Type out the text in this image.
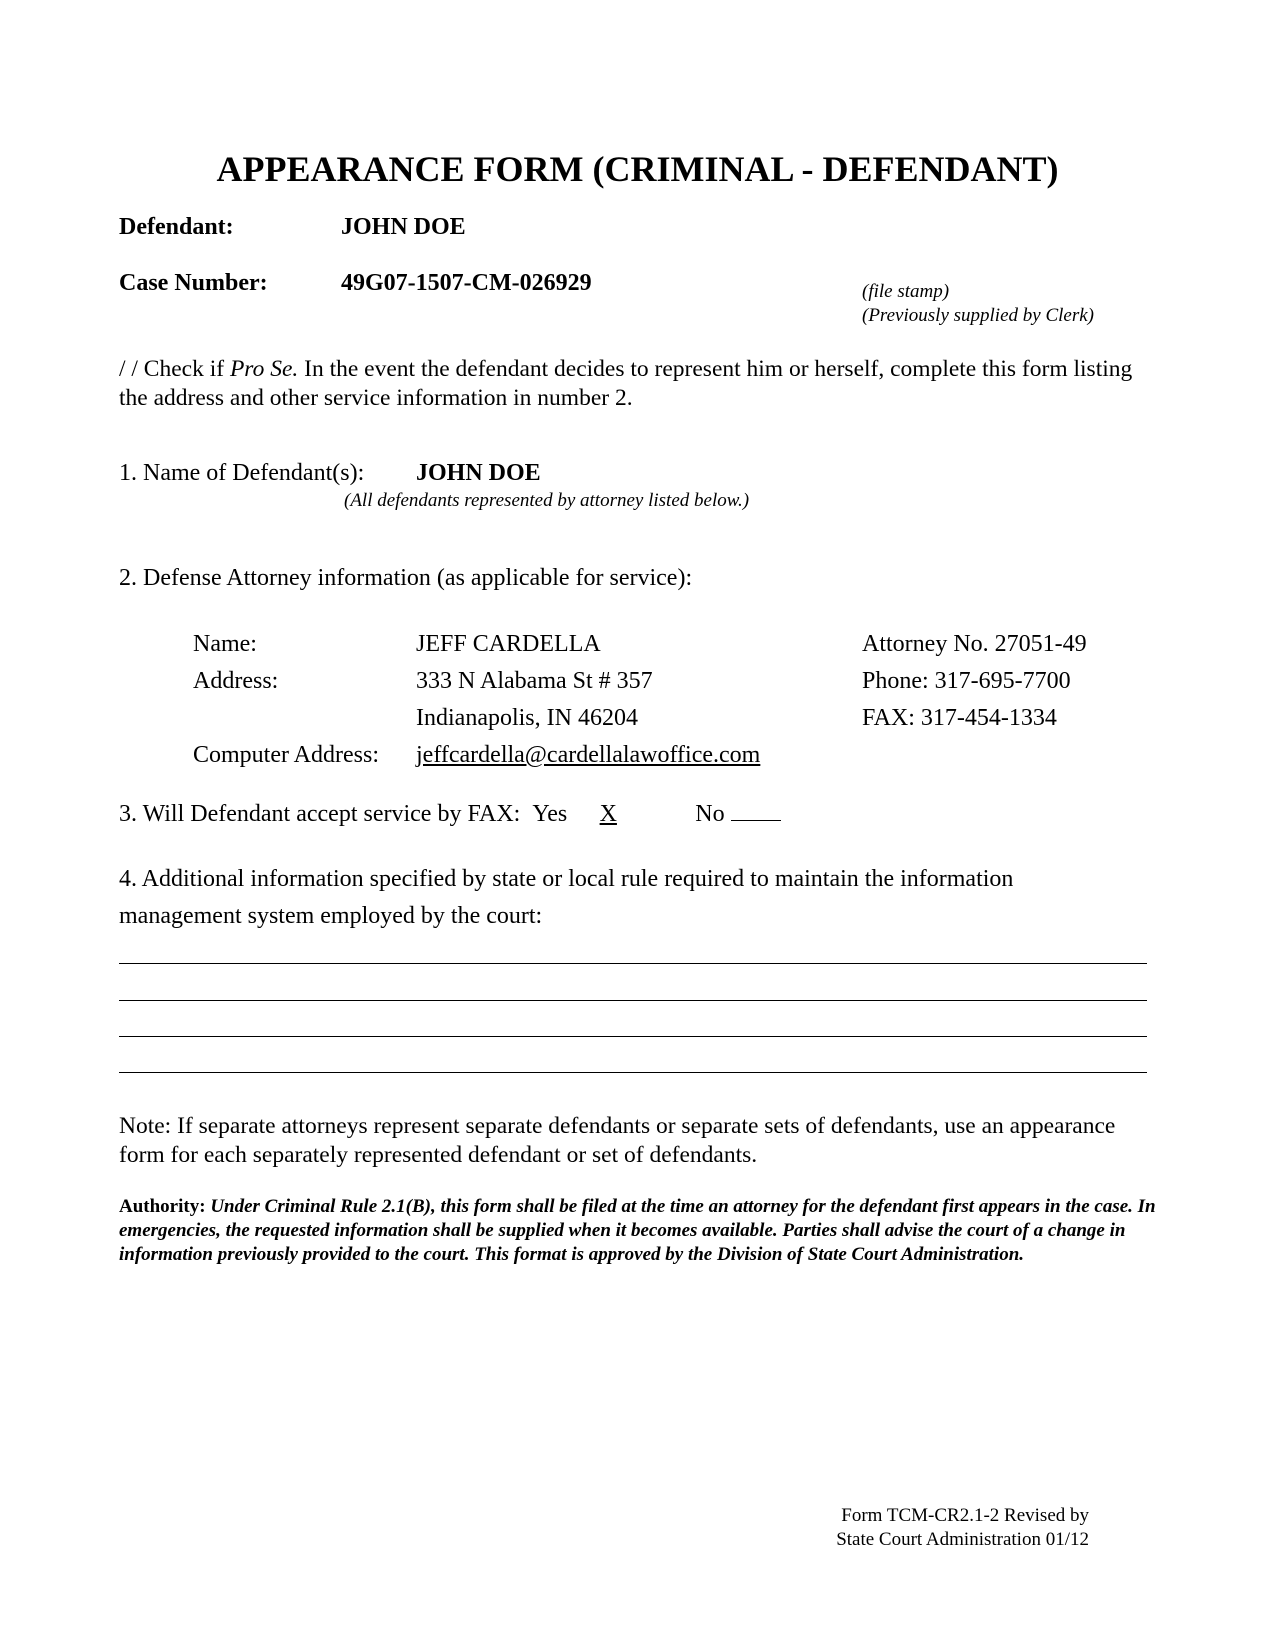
APPEARANCE FORM (CRIMINAL - DEFENDANT)
Defendant:	JOHN DOE
Case Number:	49G07-1507-CM-026929	(file stamp)
(Previously supplied by Clerk)
/ / Check if Pro Se. In the event the defendant decides to represent him or herself, complete this form listing the address and other service information in number 2.
1. Name of Defendant(s): JOHN DOE
(All defendants represented by attorney listed below.)
2. Defense Attorney information (as applicable for service):
Name:	JEFF CARDELLA	Attorney No. 27051-49
Address:	333 N Alabama St # 357	Phone: 317-695-7700
Indianapolis, IN 46204	FAX: 317-454-1334
Computer Address: jeffcardella@cardellalawoffice.com
3. Will Defendant accept service by FAX: Yes X	No
4. Additional information specified by state or local rule required to maintain the information
management system employed by the court:
Note: If separate attorneys represent separate defendants or separate sets of defendants, use an appearance form for each separately represented defendant or set of defendants.
Authority: Under Criminal Rule 2.1(B), this form shall be filed at the time an attorney for the defendant first appears in the case. In emergencies, the requested information shall be supplied when it becomes available. Parties shall advise the court of a change in information previously provided to the court. This format is approved by the Division of State Court Administration.
Form TCM-CR2.1-2 Revised by
State Court Administration 01/12
